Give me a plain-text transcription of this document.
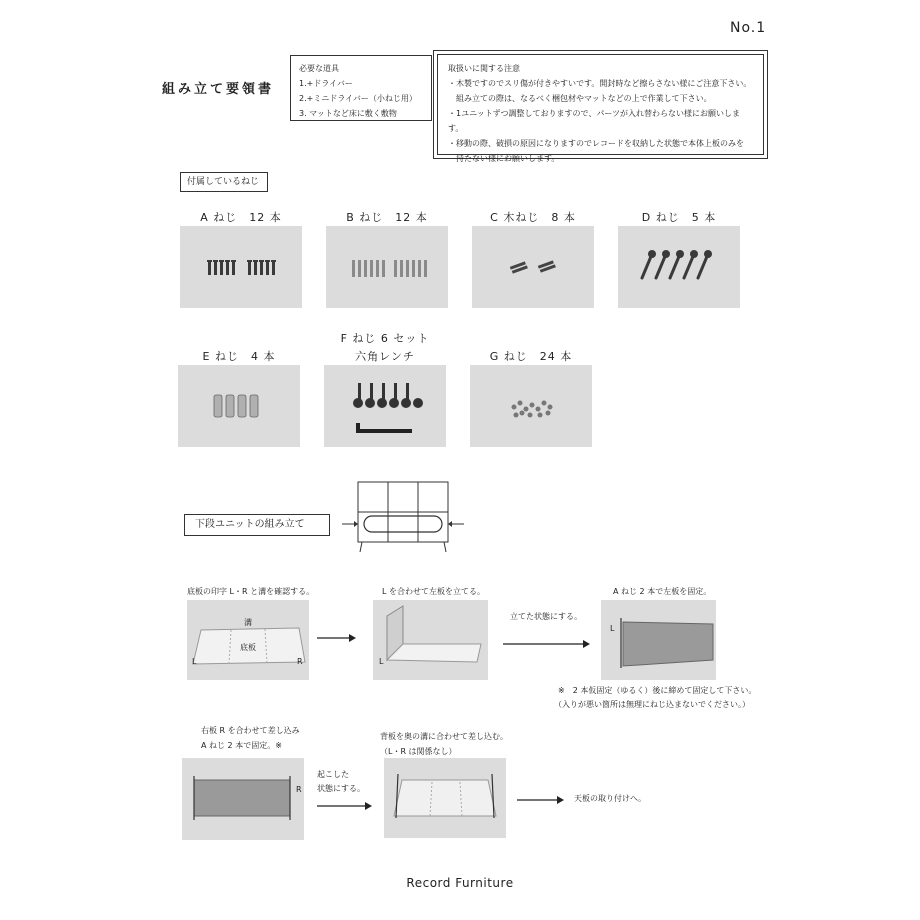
No.1
組み立て要領書
必要な道具
1.+ドライバー
2.+ミニドライバー（小ねじ用）
3. マットなど床に敷く敷物
取扱いに関する注意
・木製ですのでスリ傷が付きやすいです。開封時など擦らさない様にご注意下さい。
組み立ての際は、なるべく梱包材やマットなどの上で作業して下さい。
・1ユニットずつ調整しておりますので、パーツが入れ替わらない様にお願いします。
・移動の際、破損の原因になりますのでレコードを収納した状態で本体上板のみを
持たない様にお願いします。
付属しているねじ
A ねじ　12 本	B ねじ　12 本	C 木ねじ　8 本	D ねじ　5 本
E ねじ　4 本
F ねじ 6 セット
六角レンチ	G ねじ　24 本
下段ユニットの組み立て
底板の印字 L・R と溝を確認する。
溝
底板
L	R
L を合わせて左板を立てる。
L
立てた状態にする。
A ねじ 2 本で左板を固定。
L
※　2 本仮固定（ゆるく）後に締めて固定して下さい。
（入りが悪い箇所は無理にねじ込まないでください。）
右板 R を合わせて差し込み
A ねじ 2 本で固定。※
R
起こした
状態にする。
背板を奥の溝に合わせて差し込む。
（L・R は関係なし）
天板の取り付けへ。
Record Furniture
